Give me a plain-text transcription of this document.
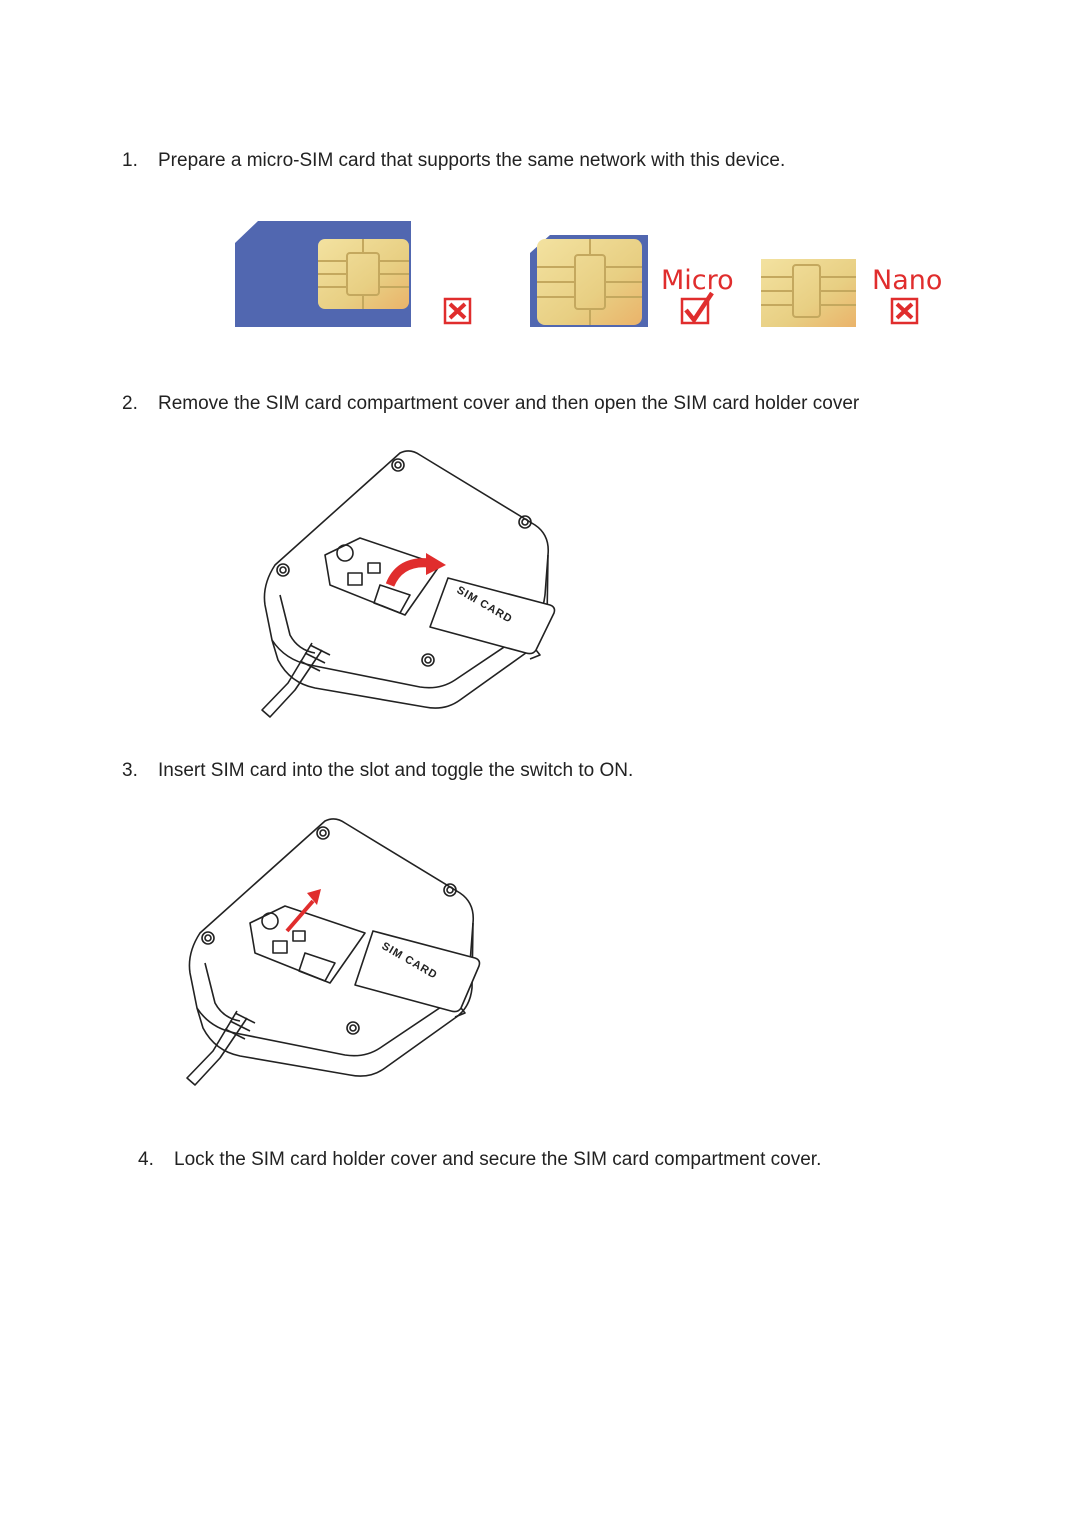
1. Prepare a micro-SIM card that supports the same network with this device.
Micro	Nano
2. Remove the SIM card compartment cover and then open the SIM card holder cover
SIM CARD
3. Insert SIM card into the slot and toggle the switch to ON.
SIM CARD
4. Lock the SIM card holder cover and secure the SIM card compartment cover.
